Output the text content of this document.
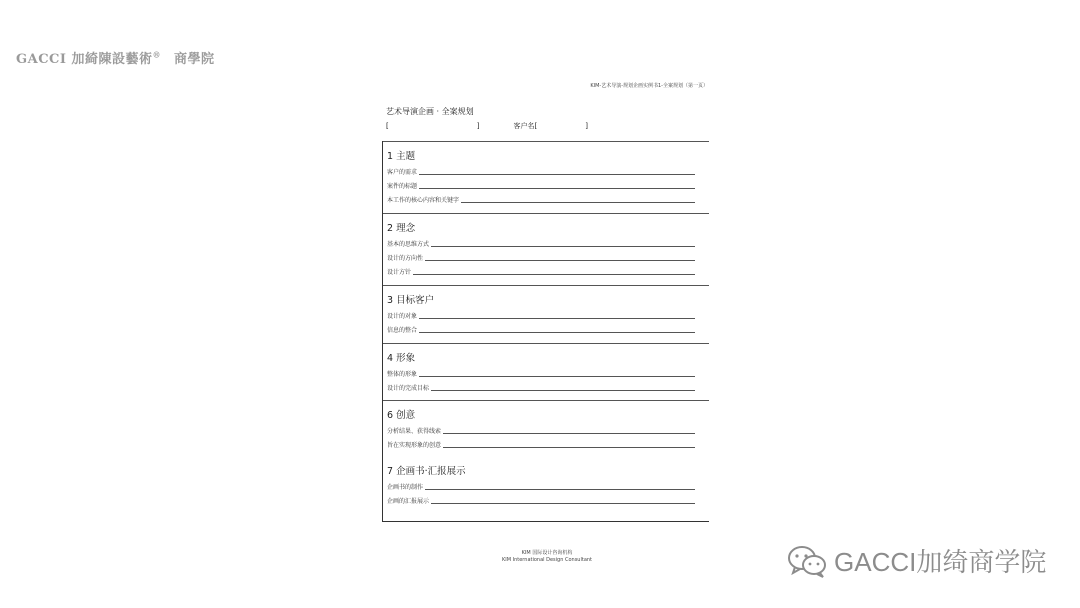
GACCI 加綺陳設藝術® 商學院
KIM-艺术导演-规划企画实例书1-全案规划（第一页）
艺术导演企画 · 全案规划
[	]	客户名[	]
1 主题
客户的需求
案件的标题
本工作的核心内容和关键字
2 理念
基本的思维方式
设计的方向性
设计方针
3 目标客户
设计的对象
信息的整合
4 形象
整体的形象
设计的完成目标
6 创意
分析结果、获得线索
旨在实现形象的创意
7 企画书·汇报展示
企画书的制作
企画的汇报展示
KIM 国际设计咨询机构
KIM International Design Consultant	GACCI加绮商学院
